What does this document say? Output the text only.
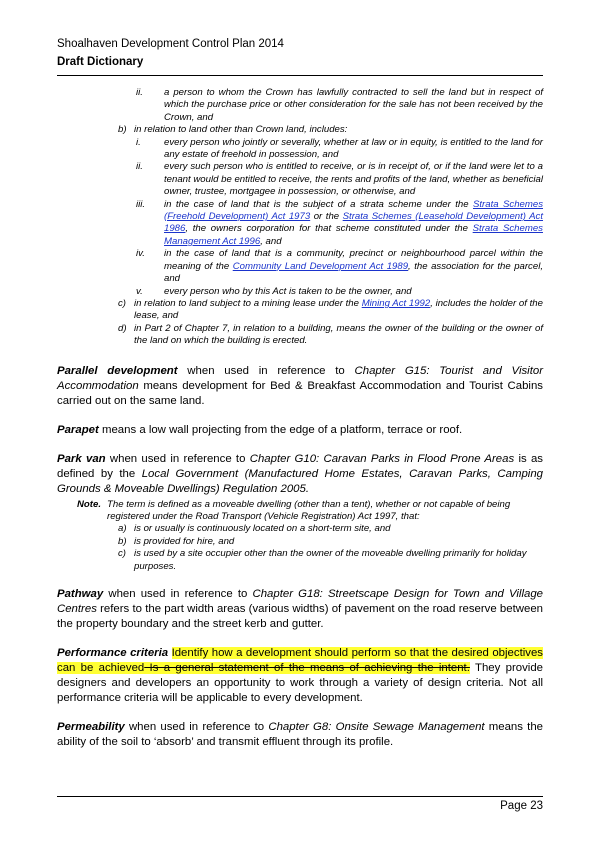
Shoalhaven Development Control Plan 2014
Draft Dictionary
ii.	a person to whom the Crown has lawfully contracted to sell the land but in respect of which the purchase price or other consideration for the sale has not been received by the Crown, and
b) in relation to land other than Crown land, includes:
i.	every person who jointly or severally, whether at law or in equity, is entitled to the land for any estate of freehold in possession, and
ii.	every such person who is entitled to receive, or is in receipt of, or if the land were let to a tenant would be entitled to receive, the rents and profits of the land, whether as beneficial owner, trustee, mortgagee in possession, or otherwise, and
iii.	in the case of land that is the subject of a strata scheme under the Strata Schemes (Freehold Development) Act 1973 or the Strata Schemes (Leasehold Development) Act 1986, the owners corporation for that scheme constituted under the Strata Schemes Management Act 1996, and
iv.	in the case of land that is a community, precinct or neighbourhood parcel within the meaning of the Community Land Development Act 1989, the association for the parcel, and
v.	every person who by this Act is taken to be the owner, and
c) in relation to land subject to a mining lease under the Mining Act 1992, includes the holder of the lease, and
d) in Part 2 of Chapter 7, in relation to a building, means the owner of the building or the owner of the land on which the building is erected.

Parallel development when used in reference to Chapter G15: Tourist and Visitor Accommodation means development for Bed & Breakfast Accommodation and Tourist Cabins carried out on the same land.

Parapet means a low wall projecting from the edge of a platform, terrace or roof.

Park van when used in reference to Chapter G10: Caravan Parks in Flood Prone Areas is as defined by the Local Government (Manufactured Home Estates, Caravan Parks, Camping Grounds & Moveable Dwellings) Regulation 2005.

Note. The term is defined as a moveable dwelling (other than a tent), whether or not capable of being registered under the Road Transport (Vehicle Registration) Act 1997, that:
a) is or usually is continuously located on a short-term site, and
b) is provided for hire, and
c) is used by a site occupier other than the owner of the moveable dwelling primarily for holiday purposes.

Pathway when used in reference to Chapter G18: Streetscape Design for Town and Village Centres refers to the part width areas (various widths) of pavement on the road reserve between the property boundary and the street kerb and gutter.

Performance criteria Identify how a development should perform so that the desired objectives can be achieved Is a general statement of the means of achieving the intent. They provide designers and developers an opportunity to work through a variety of design criteria. Not all performance criteria will be applicable to every development.

Permeability when used in reference to Chapter G8: Onsite Sewage Management means the ability of the soil to ‘absorb’ and transmit effluent through its profile.

Page 23
